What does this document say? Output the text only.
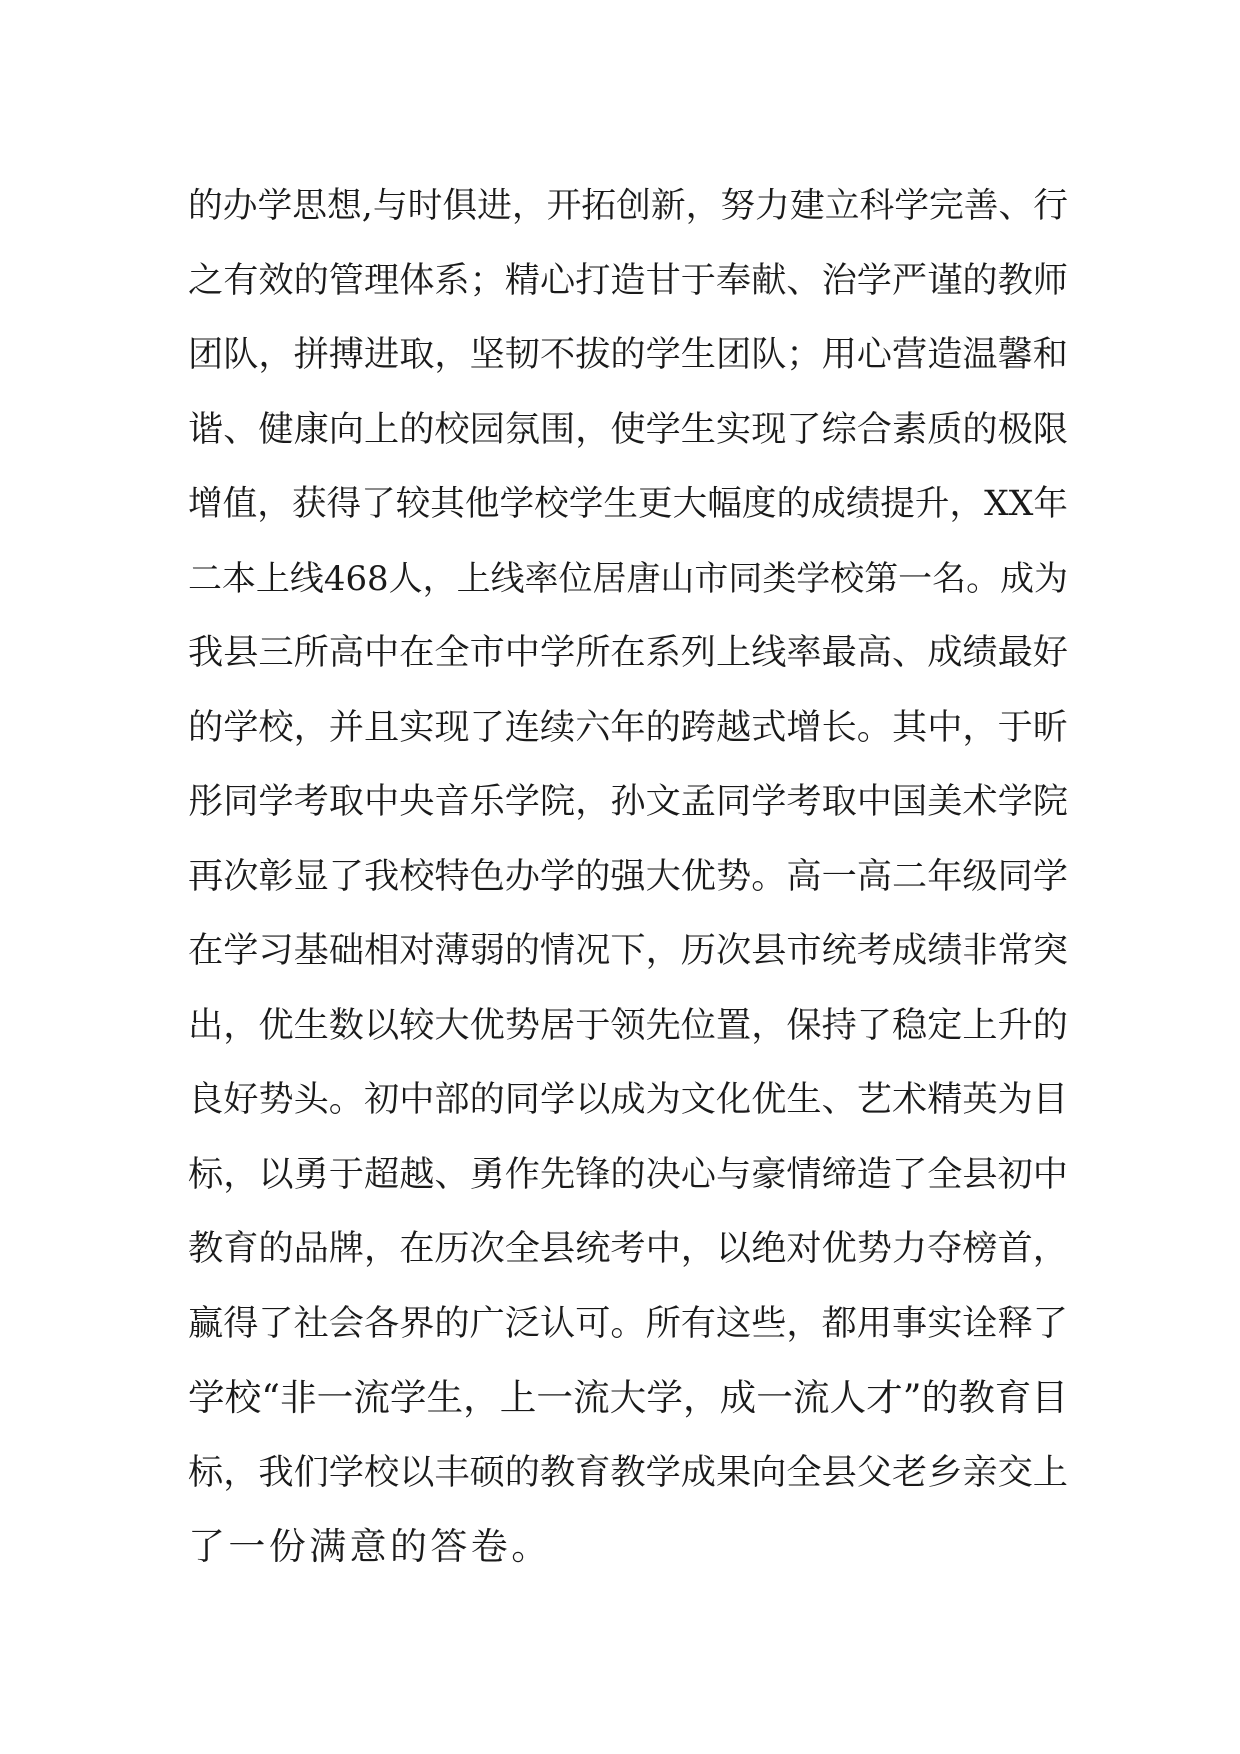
的办学思想,与时俱进，开拓创新，努力建立科学完善、行
之有效的管理体系；精心打造甘于奉献、治学严谨的教师
团队，拼搏进取，坚韧不拔的学生团队；用心营造温馨和
谐、健康向上的校园氛围，使学生实现了综合素质的极限
增值，获得了较其他学校学生更大幅度的成绩提升，XX年
二本上线468人，上线率位居唐山市同类学校第一名。成为
我县三所高中在全市中学所在系列上线率最高、成绩最好
的学校，并且实现了连续六年的跨越式增长。其中，于昕
彤同学考取中央音乐学院，孙文孟同学考取中国美术学院
再次彰显了我校特色办学的强大优势。高一高二年级同学
在学习基础相对薄弱的情况下，历次县市统考成绩非常突
出，优生数以较大优势居于领先位置，保持了稳定上升的
良好势头。初中部的同学以成为文化优生、艺术精英为目
标，以勇于超越、勇作先锋的决心与豪情缔造了全县初中
教育的品牌，在历次全县统考中，以绝对优势力夺榜首，
赢得了社会各界的广泛认可。所有这些，都用事实诠释了
学校“非一流学生，上一流大学，成一流人才”的教育目
标，我们学校以丰硕的教育教学成果向全县父老乡亲交上
了一份满意的答卷。
